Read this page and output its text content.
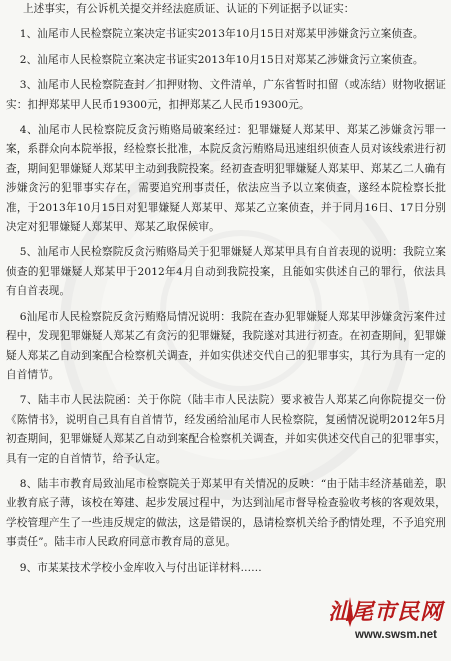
上述事实，有公诉机关提交并经法庭质证、认证的下列证据予以证实：

1、汕尾市人民检察院立案决定书证实2013年10月15日对郑某甲涉嫌贪污立案侦查。

2、汕尾市人民检察院立案决定书证实2013年10月15日对郑某乙涉嫌贪污立案侦查。

3、汕尾市人民检察院查封／扣押财物、文件清单，广东省暂时扣留（或冻结）财物收据证实：扣押郑某甲人民币19300元，扣押郑某乙人民币19300元。

4、汕尾市人民检察院反贪污贿赂局破案经过：犯罪嫌疑人郑某甲、郑某乙涉嫌贪污罪一案，系群众向本院举报，经检察长批准，本院反贪污贿赂局迅速组织侦查人员对该线索进行初查，期间犯罪嫌疑人郑某甲主动到我院投案。经初查查明犯罪嫌疑人郑某甲、郑某乙二人确有涉嫌贪污的犯罪事实存在，需要追究刑事责任，依法应当予以立案侦查，遂经本院检察长批准，于2013年10月15日对犯罪嫌疑人郑某甲、郑某乙立案侦查，并于同月16日、17日分别决定对犯罪嫌疑人郑某甲、郑某乙取保候审。

5、汕尾市人民检察院反贪污贿赂局关于犯罪嫌疑人郑某甲具有自首表现的说明：我院立案侦查的犯罪嫌疑人郑某甲于2012年4月自动到我院投案，且能如实供述自己的罪行，依法具有自首表现。

6汕尾市人民检察院反贪污贿赂局情况说明：我院在查办犯罪嫌疑人郑某甲涉嫌贪污案件过程中，发现犯罪嫌疑人郑某乙有贪污的犯罪嫌疑，我院遂对其进行初查。在初查期间，犯罪嫌疑人郑某乙自动到案配合检察机关调查，并如实供述交代自己的犯罪事实，其行为具有一定的自首情节。

7、陆丰市人民法院函：关于你院（陆丰市人民法院）要求被告人郑某乙向你院提交一份《陈情书》，说明自己具有自首情节，经发函给汕尾市人民检察院，复函情况说明2012年5月初查期间，犯罪嫌疑人郑某乙自动到案配合检察机关调查，并如实供述交代自己的犯罪事实，具有一定的自首情节，给予认定。

8、陆丰市教育局致汕尾市检察院关于郑某甲有关情况的反映：“由于陆丰经济基础差，职业教育底子薄，该校在筹建、起步发展过程中，为达到汕尾市督导检查验收考核的客观效果，学校管理产生了一些违反规定的做法，这是错误的，恳请检察机关给予酌情处理，不予追究刑事责任”。陆丰市人民政府同意市教育局的意见。

9、市某某技术学校小金库收入与付出证详材料……

汕尾市民网
www.swsm.net
